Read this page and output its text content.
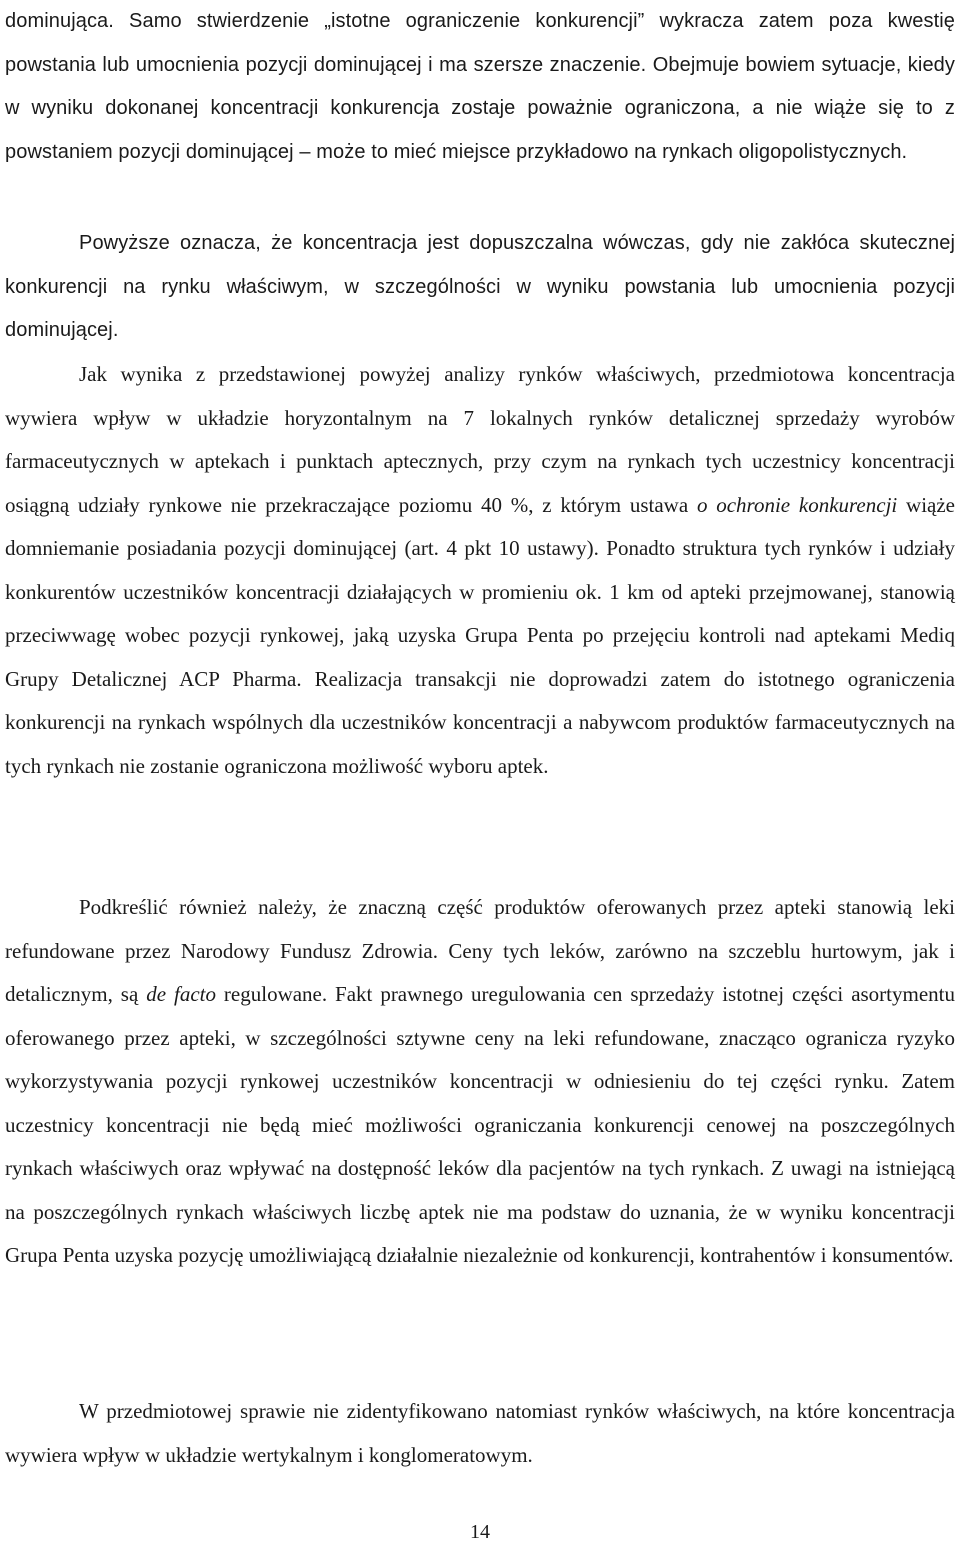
dominująca. Samo stwierdzenie „istotne ograniczenie konkurencji” wykracza zatem poza kwestię powstania lub umocnienia pozycji dominującej i ma szersze znaczenie. Obejmuje bowiem sytuacje, kiedy w wyniku dokonanej koncentracji konkurencja zostaje poważnie ograniczona, a nie wiąże się to z powstaniem pozycji dominującej – może to mieć miejsce przykładowo na rynkach oligopolistycznych.

Powyższe oznacza, że koncentracja jest dopuszczalna wówczas, gdy nie zakłóca skutecznej konkurencji na rynku właściwym, w szczególności w wyniku powstania lub umocnienia pozycji dominującej.

Jak wynika z przedstawionej powyżej analizy rynków właściwych, przedmiotowa koncentracja wywiera wpływ w układzie horyzontalnym na 7 lokalnych rynków detalicznej sprzedaży wyrobów farmaceutycznych w aptekach i punktach aptecznych, przy czym na rynkach tych uczestnicy koncentracji osiągną udziały rynkowe nie przekraczające poziomu 40 %, z którym ustawa o ochronie konkurencji wiąże domniemanie posiadania pozycji dominującej (art. 4 pkt 10 ustawy). Ponadto struktura tych rynków i udziały konkurentów uczestników koncentracji działających w promieniu ok. 1 km od apteki przejmowanej, stanowią przeciwwagę wobec pozycji rynkowej, jaką uzyska Grupa Penta po przejęciu kontroli nad aptekami Mediq Grupy Detalicznej ACP Pharma. Realizacja transakcji nie doprowadzi zatem do istotnego ograniczenia konkurencji na rynkach wspólnych dla uczestników koncentracji a nabywcom produktów farmaceutycznych na tych rynkach nie zostanie ograniczona możliwość wyboru aptek.

Podkreślić również należy, że znaczną część produktów oferowanych przez apteki stanowią leki refundowane przez Narodowy Fundusz Zdrowia. Ceny tych leków, zarówno na szczeblu hurtowym, jak i detalicznym, są de facto regulowane. Fakt prawnego uregulowania cen sprzedaży istotnej części asortymentu oferowanego przez apteki, w szczególności sztywne ceny na leki refundowane, znacząco ogranicza ryzyko wykorzystywania pozycji rynkowej uczestników koncentracji w odniesieniu do tej części rynku. Zatem uczestnicy koncentracji nie będą mieć możliwości ograniczania konkurencji cenowej na poszczególnych rynkach właściwych oraz wpływać na dostępność leków dla pacjentów na tych rynkach. Z uwagi na istniejącą na poszczególnych rynkach właściwych liczbę aptek nie ma podstaw do uznania, że w wyniku koncentracji Grupa Penta uzyska pozycję umożliwiającą działalnie niezależnie od konkurencji, kontrahentów i konsumentów.

W przedmiotowej sprawie nie zidentyfikowano natomiast rynków właściwych, na które koncentracja wywiera wpływ w układzie wertykalnym i konglomeratowym.

14
